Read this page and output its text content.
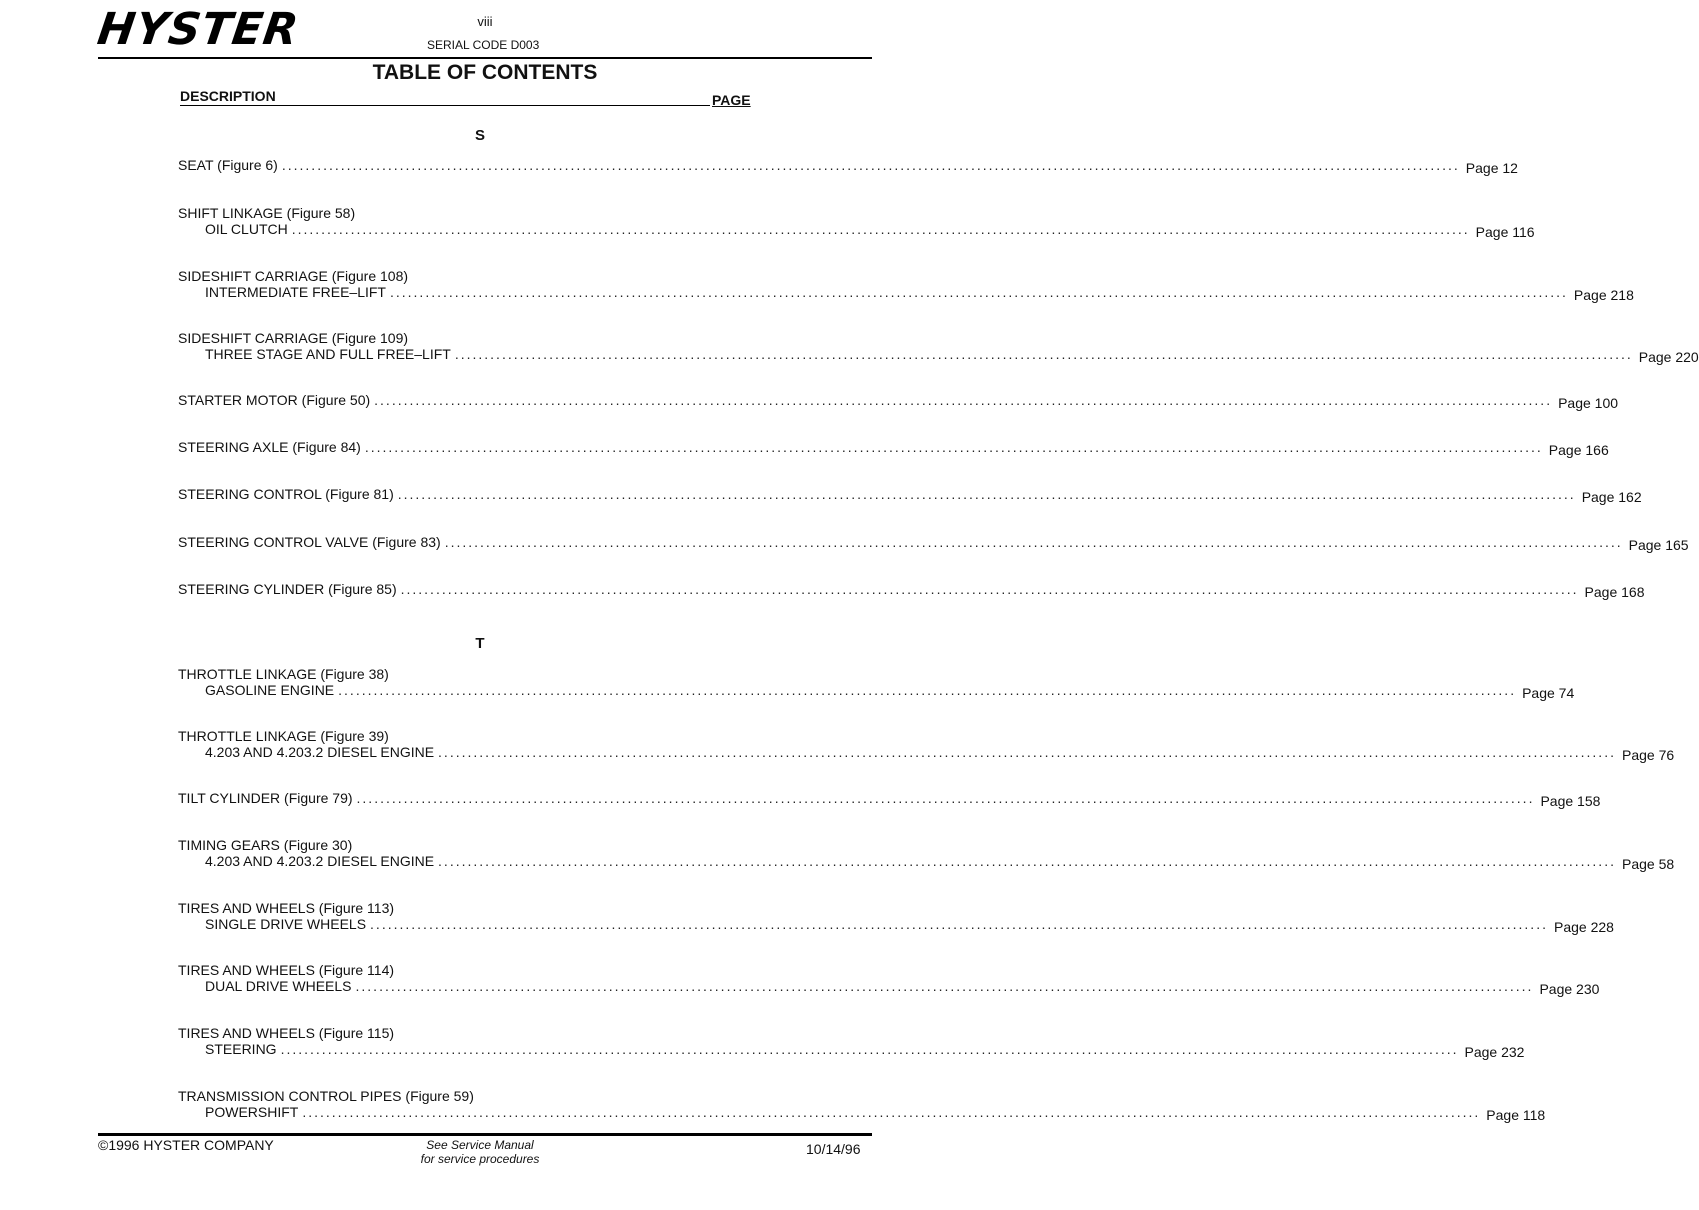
HYSTER	viii
SERIAL CODE D003
TABLE OF CONTENTS
DESCRIPTION	PAGE
S
SEAT (Figure 6) ........................................................................................................................................................................................................ Page 12
SHIFT LINKAGE (Figure 58)
OIL CLUTCH ........................................................................................................................................................................................................ Page 116
SIDESHIFT CARRIAGE (Figure 108)
INTERMEDIATE FREE–LIFT ........................................................................................................................................................................................................ Page 218
SIDESHIFT CARRIAGE (Figure 109)
THREE STAGE AND FULL FREE–LIFT ........................................................................................................................................................................................................ Page 220
STARTER MOTOR (Figure 50) ........................................................................................................................................................................................................ Page 100
STEERING AXLE (Figure 84) ........................................................................................................................................................................................................ Page 166
STEERING CONTROL (Figure 81) ........................................................................................................................................................................................................ Page 162
STEERING CONTROL VALVE (Figure 83) ........................................................................................................................................................................................................ Page 165
STEERING CYLINDER (Figure 85) ........................................................................................................................................................................................................ Page 168
T
THROTTLE LINKAGE (Figure 38)
GASOLINE ENGINE ........................................................................................................................................................................................................ Page 74
THROTTLE LINKAGE (Figure 39)
4.203 AND 4.203.2 DIESEL ENGINE ........................................................................................................................................................................................................ Page 76
TILT CYLINDER (Figure 79) ........................................................................................................................................................................................................ Page 158
TIMING GEARS (Figure 30)
4.203 AND 4.203.2 DIESEL ENGINE ........................................................................................................................................................................................................ Page 58
TIRES AND WHEELS (Figure 113)
SINGLE DRIVE WHEELS ........................................................................................................................................................................................................ Page 228
TIRES AND WHEELS (Figure 114)
DUAL DRIVE WHEELS ........................................................................................................................................................................................................ Page 230
TIRES AND WHEELS (Figure 115)
STEERING ........................................................................................................................................................................................................ Page 232
TRANSMISSION CONTROL PIPES (Figure 59)
POWERSHIFT ........................................................................................................................................................................................................ Page 118
©1996 HYSTER COMPANY	See Service Manual
for service procedures
10/14/96
